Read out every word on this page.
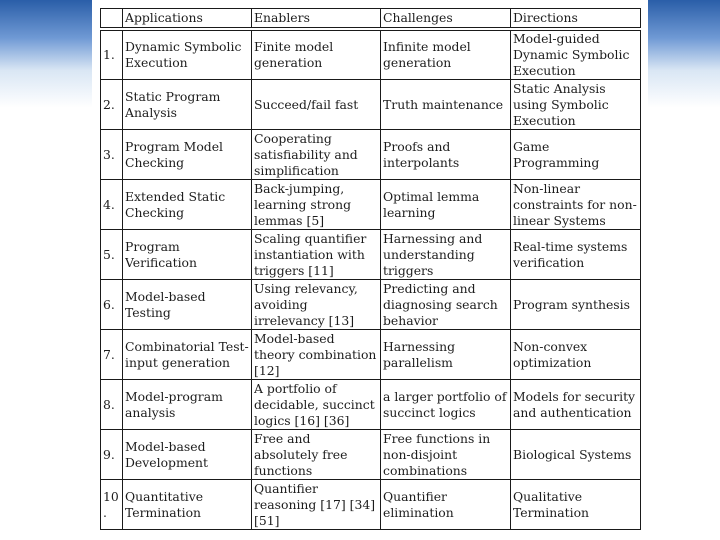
	Applications	Enablers	Challenges	Directions
1.	Dynamic Symbolic Execution	Finite model generation	Infinite model generation	Model-guided Dynamic Symbolic Execution

2.	Static Program Analysis	Succeed/fail fast	Truth maintenance	Static Analysis using Symbolic Execution

3.	Program Model Checking	Cooperating satisfiability and simplification	Proofs and interpolants	Game Programming

4.	Extended Static Checking	Back-jumping, learning strong lemmas [5]	Optimal lemma learning	Non-linear constraints for non-linear Systems

5.	Program Verification	Scaling quantifier instantiation with triggers [11]	Harnessing and understanding triggers	Real-time systems verification

6.	Model-based Testing	Using relevancy, avoiding irrelevancy [13]	Predicting and diagnosing search behavior	Program synthesis

7.	Combinatorial Test-input generation	Model-based theory combination [12]	Harnessing parallelism	Non-convex optimization

8.	Model-program analysis	A portfolio of decidable, succinct logics [16] [36]	a larger portfolio of succinct logics	Models for security and authentication

9.	Model-based Development	Free and absolutely free functions	Free functions in non-disjoint combinations	Biological Systems

10.	Quantitative Termination	Quantifier reasoning [17] [34][51]	Quantifier elimination	Qualitative Termination
